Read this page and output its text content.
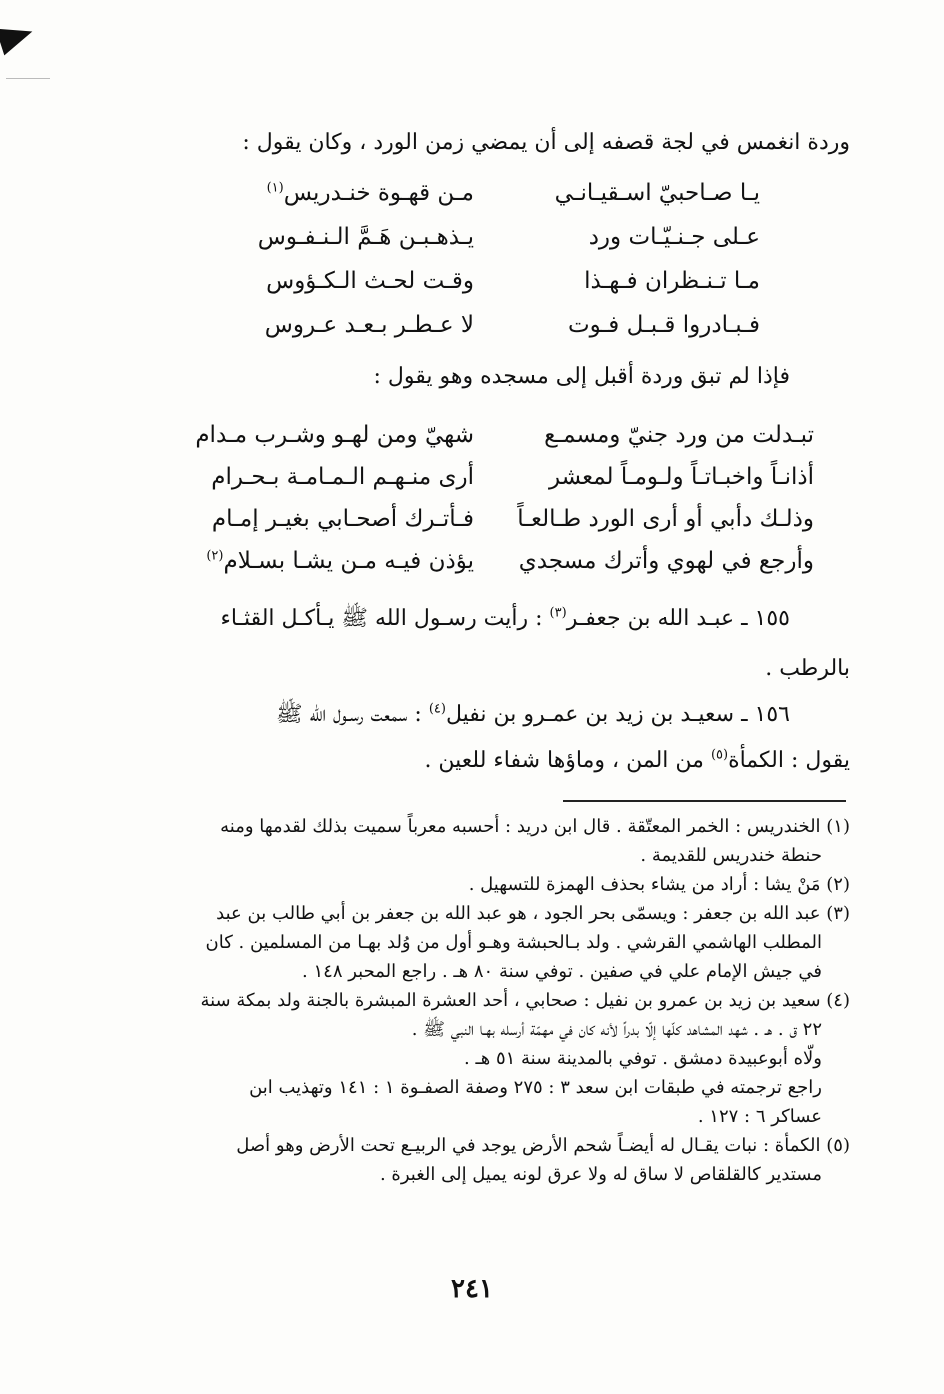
وردة انغمس في لجة قصفه إلى أن يمضي زمن الورد ، وكان يقول :
يـا صـاحبيّ اسـقيـانـي
مـن قهـوة خنـدريس$^{(١)}$
عـلى جـنـيّـات ورد
يـذهـبـن هَـمَّ الـنـفـوس
مـا تـنـظران فـهـذا
وقـت لحـث الـكـؤوس
فـبـادروا قـبـل فـوت
لا عـطـر بـعـد عـروس
فإذا لم تبق وردة أقبل إلى مسجده وهو يقول :
تبـدلت من ورد جنيّ ومسمـع
شهيّ ومن لهـو وشـرب مـدام
أذانـاً واخبـاتـاً ولـومـاً لمعشر
أرى منـهـم الـمـامـة بـحـرام
وذلـك دأبي أو أرى الورد طـالعـاً
فـأتـرك أصحـابي بغيـر إمـام
وأرجع في لهوي وأترك مسجدي
يؤذن فيـه مـن يشـا بسـلام$^{(٢)}$
١٥٥ ـ عبـد الله بن جعفـر$^{(٣)}$ : رأيت رسـول الله ﷺ يـأكـل القثـاء
بالرطب .
١٥٦ ـ سعيـد بن زيد بن عمـرو بن نفيل$^{(٤)}$ : سمعت رسـول الله ﷺ
يقول : الكمأة$^{(٥)}$ من المن ، وماؤها شفاء للعين .

(١) الخندريس : الخمر المعتّقة . قال ابن دريد : أحسبه معرباً سميت بذلك لقدمها ومنه

حنطة خندريس للقديمة .

(٢) مَنْ يشا : أراد من يشاء بحذف الهمزة للتسهيل .

(٣) عبد الله بن جعفر : ويسمّى بحر الجود ، هو عبد الله بن جعفر بن أبي طالب بن عبد

المطلب الهاشمي القرشي . ولد بـالحبشة وهـو أول من وُلد بهـا من المسلمين . كان

في جيش الإمام علي في صفين . توفي سنة ٨٠ هـ . راجع المحبر ١٤٨ .

(٤) سعيد بن زيد بن عمرو بن نفيل : صحابي ، أحد العشرة المبشرة بالجنة ولد بمكة سنة

٢٢ ق . هـ . شهد المشاهد كلّها إلّا بدراً لأنه كان في مهمّة أرسله بهـا النبي ﷺ .

ولّاه أبوعبيدة دمشق . توفي بالمدينة سنة ٥١ هـ .

راجع ترجمته في طبقات ابن سعد ٣ : ٢٧٥ وصفة الصفـوة ١ : ١٤١ وتهذيب ابن

عساكر ٦ : ١٢٧ .

(٥) الكمأة : نبات يقـال له أيضـاً شحم الأرض يوجد في الربيـع تحت الأرض وهو أصل

مستدير كالقلقاص لا ساق له ولا عرق لونه يميل إلى الغبرة .

٢٤١
